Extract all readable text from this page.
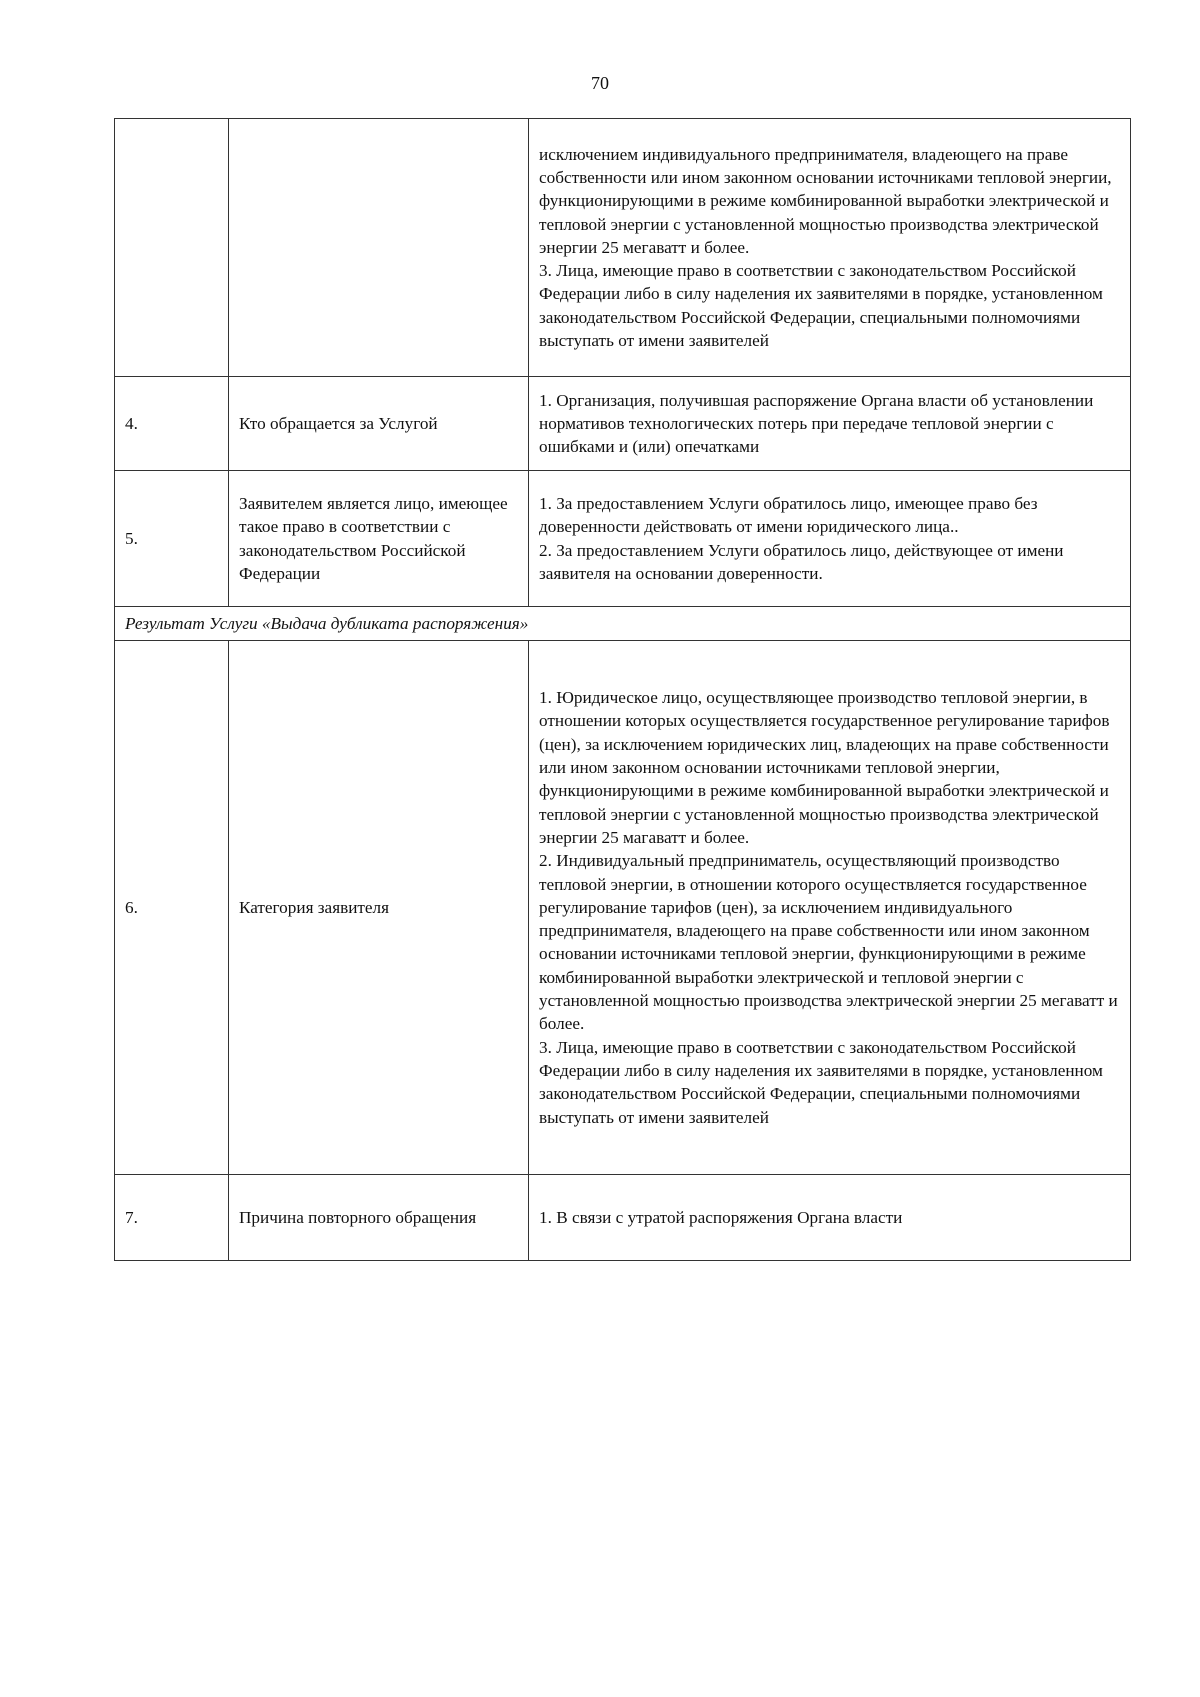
70

		исключением индивидуального предпринимателя, владеющего на праве собственности или ином законном основании источниками тепловой энергии, функционирующими в режиме комбинированной выработки электрической и тепловой энергии с установленной мощностью производства электрической энергии 25 мегаватт и более.
3. Лица, имеющие право в соответствии с законодательством Российской Федерации либо в силу наделения их заявителями в порядке, установленном законодательством Российской Федерации, специальными полномочиями выступать от имени заявителей

4.	Кто обращается за Услугой	1. Организация, получившая распоряжение Органа власти об установлении нормативов технологических потерь при передаче тепловой энергии с ошибками и (или) опечатками

5.	Заявителем является лицо, имеющее такое право в соответствии с законодательством Российской Федерации	1. За предоставлением Услуги обратилось лицо, имеющее право без доверенности действовать от имени юридического лица..
2. За предоставлением Услуги обратилось лицо, действующее от имени заявителя на основании доверенности.

Результат Услуги «Выдача дубликата распоряжения»		
6.	Категория заявителя	1. Юридическое лицо, осуществляющее производство тепловой энергии, в отношении которых осуществляется государственное регулирование тарифов (цен), за исключением юридических лиц, владеющих на праве собственности или ином законном основании источниками тепловой энергии, функционирующими в режиме комбинированной выработки электрической и тепловой энергии с установленной мощностью производства электрической энергии 25 магаватт и более.
2. Индивидуальный предприниматель, осуществляющий производство тепловой энергии, в отношении которого осуществляется государственное регулирование тарифов (цен), за исключением индивидуального предпринимателя, владеющего на праве собственности или ином законном основании источниками тепловой энергии, функционирующими в режиме комбинированной выработки электрической и тепловой энергии с установленной мощностью производства электрической энергии 25 мегаватт и более.
3. Лица, имеющие право в соответствии с законодательством Российской Федерации либо в силу наделения их заявителями в порядке, установленном законодательством Российской Федерации, специальными полномочиями выступать от имени заявителей

7.	Причина повторного обращения	1. В связи с утратой распоряжения Органа власти
